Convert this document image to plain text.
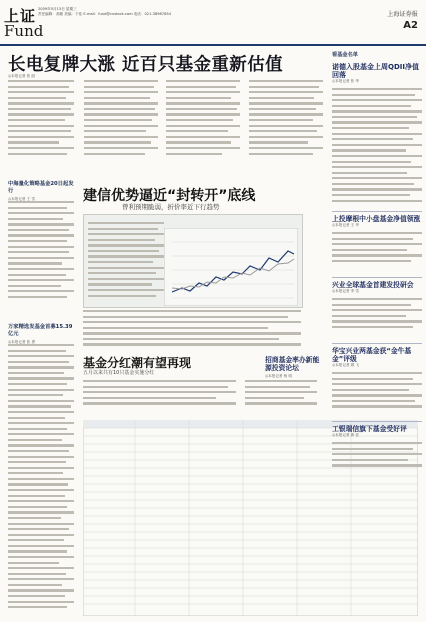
上证 2009年5月13日 星期三
责任编辑：高敏 美编：于佳 E-mail：fund@cnstock.com 电话：021-38967654
Fund
上海证券报
A2
长电复牌大涨 近百只基金重新估值
◎本报记者 张 丽
中海量化策略基金20日起发行
◎本报记者 王 雪
万家精选发基金首募15.39亿元
◎本报记者 张 勇
建信优势逼近“封转开”底线
曾利预期脆弱，折价率近下行趋势
基金分红潮有望再现
五月以来共有10只基金实施分红
招商基金率办新能源投资论坛
◎本报记者 杨 明
看基金名单
诺德入股基金上周QDII净值回落
◎本报记者 张 华
上投摩根中小盘基金净值领涨
◎本报记者 王 华
兴业全球基金首建发投研会
◎本报记者 李 雪
华宝兴业两基金获“金牛基金”评级
◎本报记者 顾 飞
工银瑞信旗下基金受好评
◎本报记者 黄 佳
